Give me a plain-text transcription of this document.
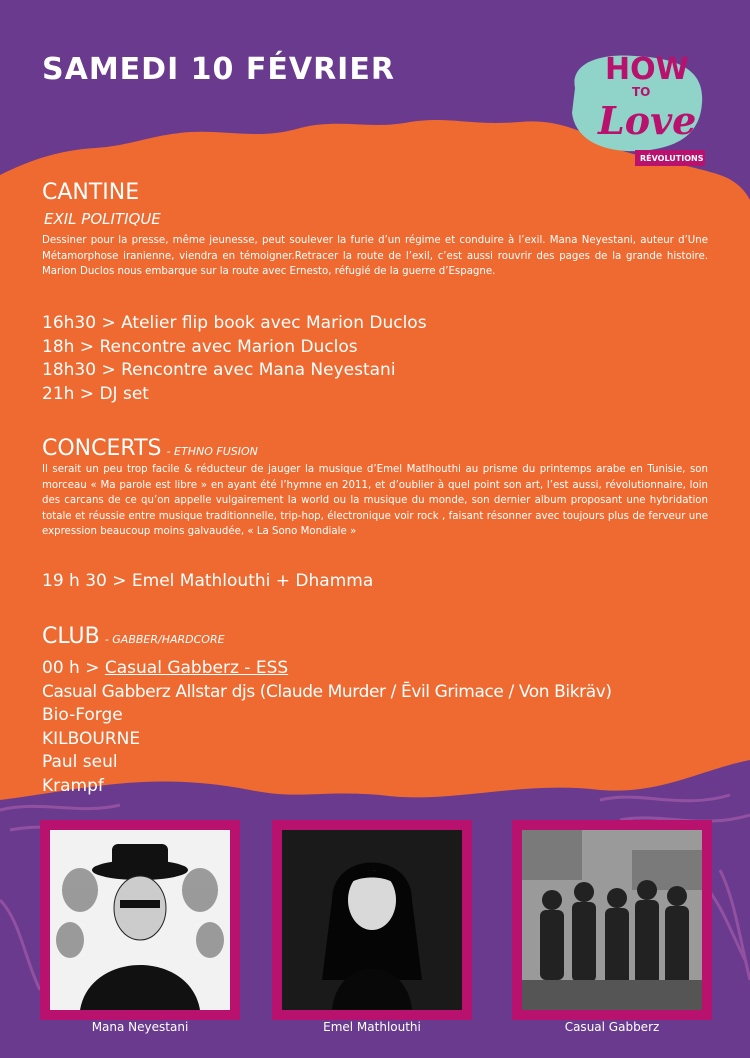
SAMEDI 10 FÉVRIER	HOW
TO
Love
RÉVOLUTIONS
CANTINE
EXIL POLITIQUE
Dessiner pour la presse, même jeunesse, peut soulever la furie d’un régime et conduire à l’exil. Mana Neyestani, auteur d’Une Métamorphose iranienne, viendra en témoigner.Retracer la route de l’exil, c’est aussi rouvrir des pages de la grande histoire. Marion Duclos nous embarque sur la route avec Ernesto, réfugié de la guerre d’Espagne.
16h30 > Atelier flip book avec Marion Duclos
18h > Rencontre avec Marion Duclos
18h30 > Rencontre avec Mana Neyestani
21h > DJ set
CONCERTS - ETHNO FUSION
Il serait un peu trop facile & réducteur de jauger la musique d’Emel Matlhouthi au prisme du printemps arabe en Tunisie, son morceau « Ma parole est libre » en ayant été l’hymne en 2011, et d’oublier à quel point son art, l’est aussi, révolutionnaire, loin des carcans de ce qu’on appelle vulgairement la world ou la musique du monde, son dernier album proposant une hybridation totale et réussie entre musique traditionnelle, trip-hop, électronique voir rock , faisant résonner avec toujours plus de ferveur une expression beaucoup moins galvaudée, « La Sono Mondiale »
19 h 30 > Emel Mathlouthi + Dhamma
CLUB - GABBER/HARDCORE
00 h > Casual Gabberz - ESS
Casual Gabberz Allstar djs (Claude Murder / Ēvil Grimace / Von Bikräv)
Bio-Forge
KILBOURNE
Paul seul
Krampf
Mana Neyestani	Emel Mathlouthi	Casual Gabberz
